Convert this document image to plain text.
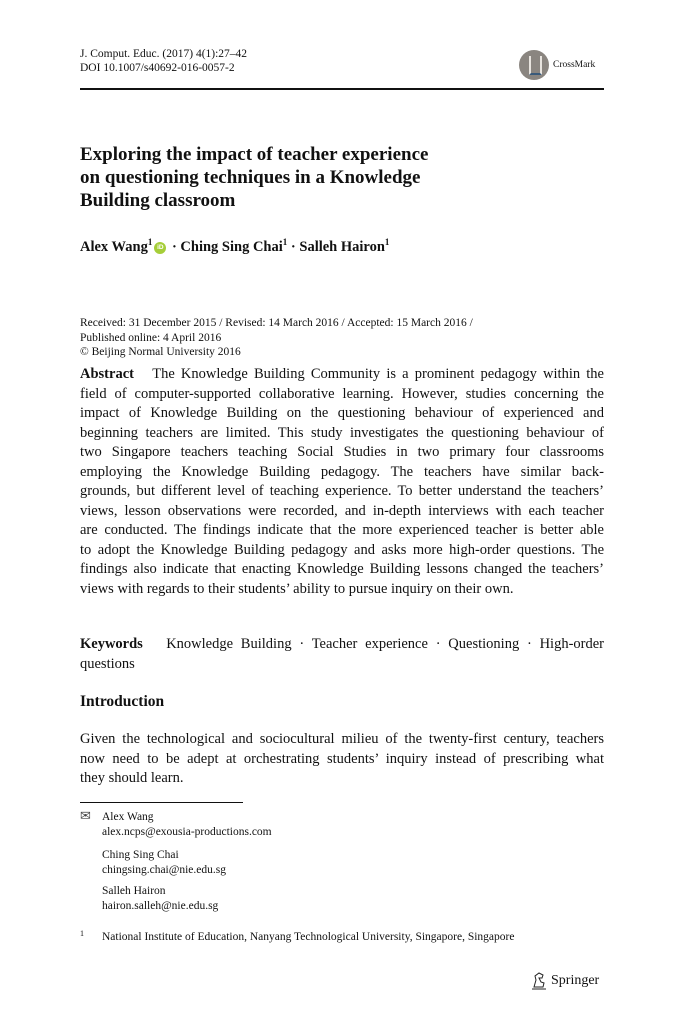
J. Comput. Educ. (2017) 4(1):27–42
DOI 10.1007/s40692-016-0057-2	CrossMark
Exploring the impact of teacher experience
on questioning techniques in a Knowledge
Building classroom
Alex Wang$^1$ iD · Ching Sing Chai$^1$ · Salleh Hairon$^1$
Received: 31 December 2015 / Revised: 14 March 2016 / Accepted: 15 March 2016 /
Published online: 4 April 2016
© Beijing Normal University 2016
Abstract The Knowledge Building Community is a prominent pedagogy within the
field of computer-supported collaborative learning. However, studies concerning the
impact of Knowledge Building on the questioning behaviour of experienced and
beginning teachers are limited. This study investigates the questioning behaviour of
two Singapore teachers teaching Social Studies in two primary four classrooms
employing the Knowledge Building pedagogy. The teachers have similar back-
grounds, but different level of teaching experience. To better understand the teachers’
views, lesson observations were recorded, and in-depth interviews with each teacher
are conducted. The findings indicate that the more experienced teacher is better able
to adopt the Knowledge Building pedagogy and asks more high-order questions. The
findings also indicate that enacting Knowledge Building lessons changed the teachers’
views with regards to their students’ ability to pursue inquiry on their own.
Keywords Knowledge Building · Teacher experience · Questioning · High-order
questions
Introduction
Given the technological and sociocultural milieu of the twenty-first century, teachers
now need to be adept at orchestrating students’ inquiry instead of prescribing what
they should learn.
✉ Alex Wang
alex.ncps@exousia-productions.com
Ching Sing Chai
chingsing.chai@nie.edu.sg
Salleh Hairon
hairon.salleh@nie.edu.sg
1	National Institute of Education, Nanyang Technological University, Singapore, Singapore
Springer
